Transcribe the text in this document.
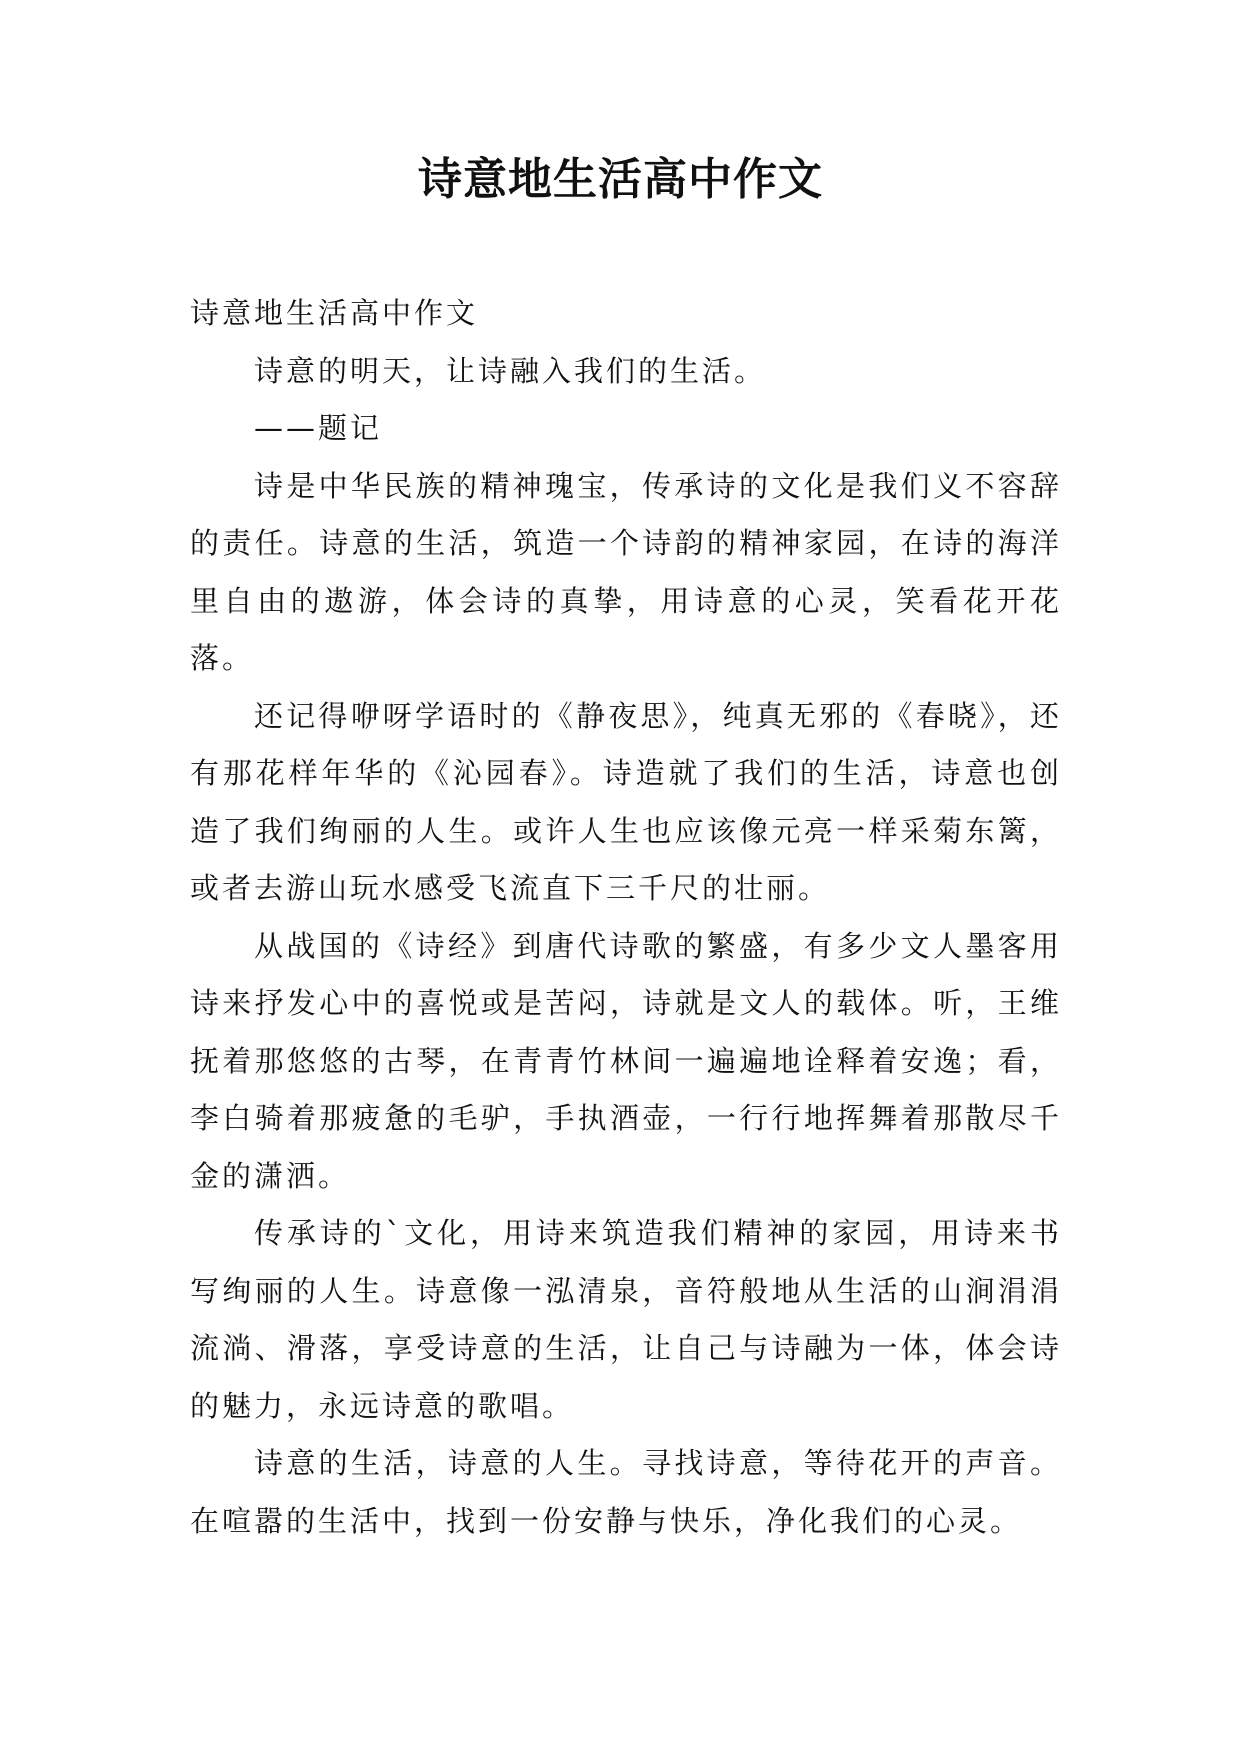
诗意地生活高中作文

诗意地生活高中作文

诗意的明天，让诗融入我们的生活。

——题记

诗是中华民族的精神瑰宝，传承诗的文化是我们义不容辞的责任。诗意的生活，筑造一个诗韵的精神家园，在诗的海洋里自由的遨游，体会诗的真挚，用诗意的心灵，笑看花开花落。

还记得咿呀学语时的《静夜思》，纯真无邪的《春晓》，还有那花样年华的《沁园春》。诗造就了我们的生活，诗意也创造了我们绚丽的人生。或许人生也应该像元亮一样采菊东篱，或者去游山玩水感受飞流直下三千尺的壮丽。

从战国的《诗经》到唐代诗歌的繁盛，有多少文人墨客用诗来抒发心中的喜悦或是苦闷，诗就是文人的载体。听，王维抚着那悠悠的古琴，在青青竹林间一遍遍地诠释着安逸；看，李白骑着那疲惫的毛驴，手执酒壶，一行行地挥舞着那散尽千金的潇洒。

传承诗的`文化，用诗来筑造我们精神的家园，用诗来书写绚丽的人生。诗意像一泓清泉，音符般地从生活的山涧涓涓流淌、滑落，享受诗意的生活，让自己与诗融为一体，体会诗的魅力，永远诗意的歌唱。

诗意的生活，诗意的人生。寻找诗意，等待花开的声音。在喧嚣的生活中，找到一份安静与快乐，净化我们的心灵。
